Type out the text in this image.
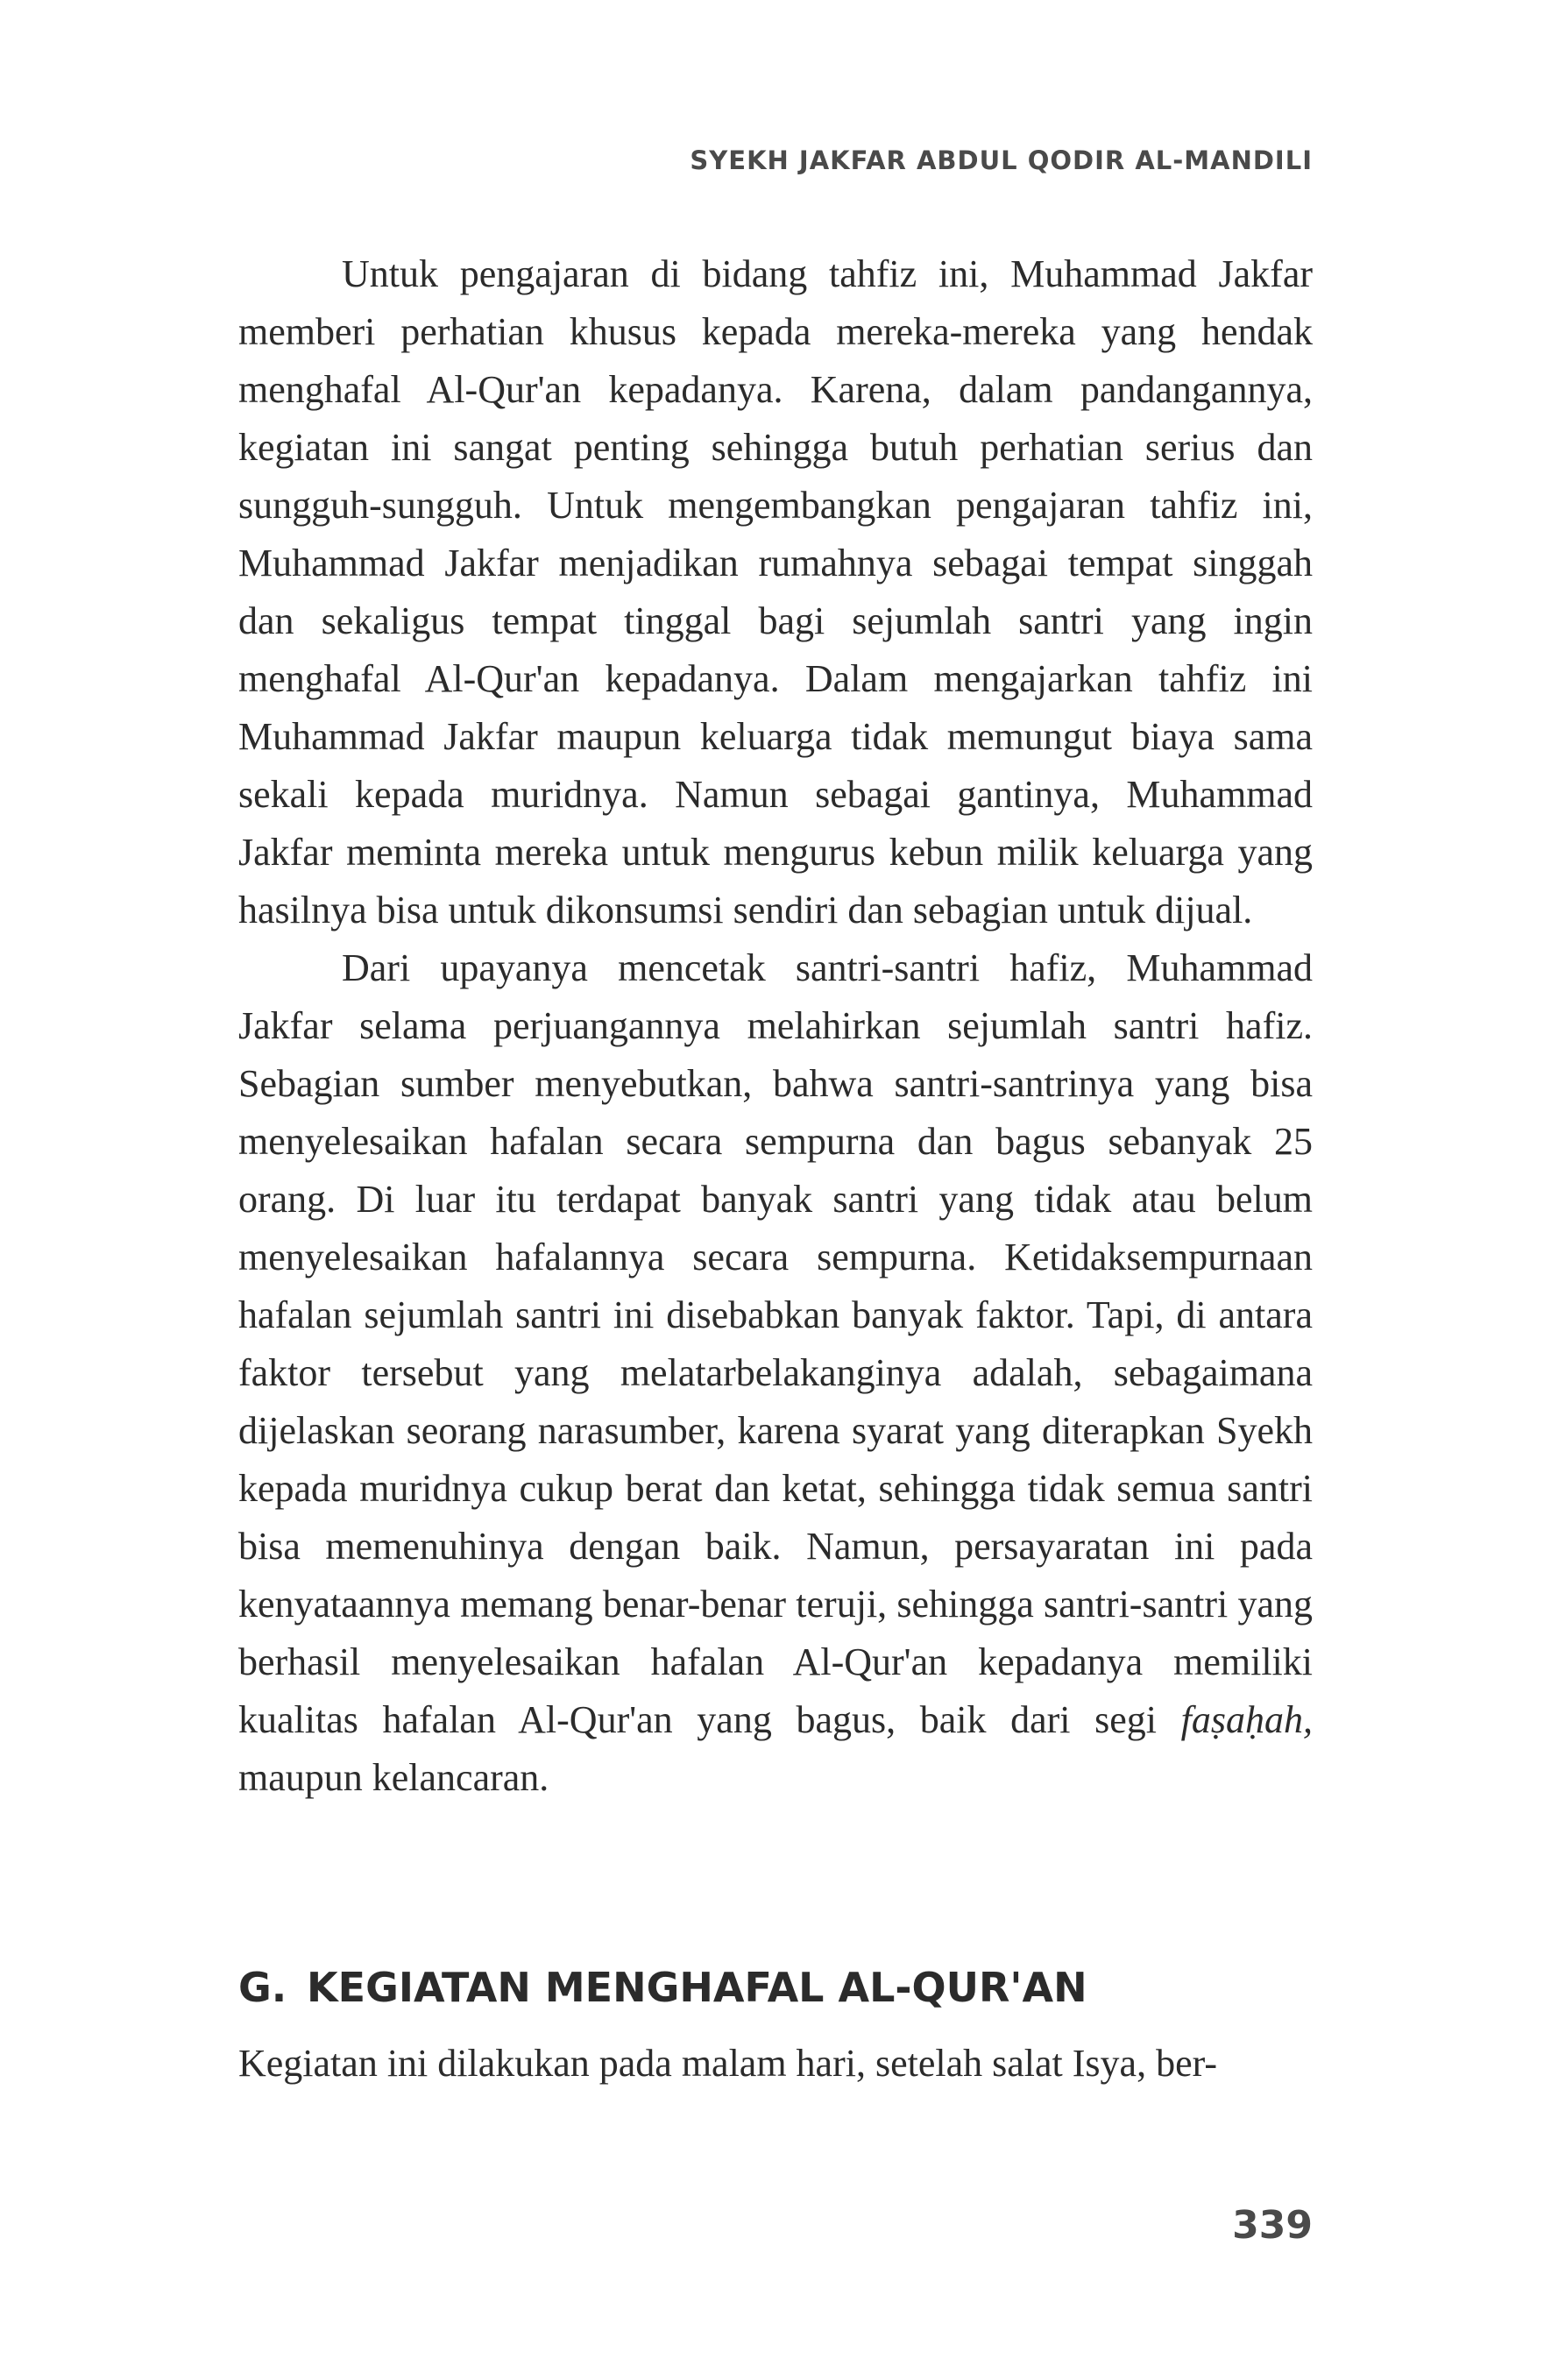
SYEKH JAKFAR ABDUL QODIR AL-MANDILI

Untuk pengajaran di bidang tahfiz ini, Muhammad Jakfar memberi perhatian khusus kepada mereka-mereka yang hendak menghafal Al-Qur'an kepadanya. Karena, dalam pandangannya, kegiatan ini sangat penting sehingga butuh perhatian serius dan sungguh-sungguh. Untuk mengembangkan pengajaran tahfiz ini, Muhammad Jakfar menjadikan rumahnya sebagai tempat singgah dan sekaligus tempat tinggal bagi sejumlah santri yang ingin menghafal Al-Qur'an kepadanya. Dalam mengajarkan tahfiz ini Muhammad Jakfar maupun keluarga tidak memungut biaya sama sekali kepada muridnya. Namun sebagai gantinya, Muhammad Jakfar meminta mereka untuk mengurus kebun milik keluarga yang hasilnya bisa untuk dikonsumsi sendiri dan sebagian untuk dijual.

Dari upayanya mencetak santri-santri hafiz, Muhammad Jakfar selama perjuangannya melahirkan sejumlah santri hafiz. Sebagian sumber menyebutkan, bahwa santri-santrinya yang bisa menyelesaikan hafalan secara sempurna dan bagus sebanyak 25 orang. Di luar itu terdapat banyak santri yang tidak atau belum menyelesaikan hafalannya secara sempurna. Ketidaksempurnaan hafalan sejumlah santri ini disebabkan banyak faktor. Tapi, di antara faktor tersebut yang melatarbelakanginya adalah, sebagaimana dijelaskan seorang narasumber, karena syarat yang diterapkan Syekh kepada muridnya cukup berat dan ketat, sehingga tidak semua santri bisa memenuhinya dengan baik. Namun, persayaratan ini pada kenyataannya memang benar-benar teruji, sehingga santri-santri yang berhasil menyelesaikan hafalan Al-Qur'an kepadanya memiliki kualitas hafalan Al-Qur'an yang bagus, baik dari segi faṣaḥah, maupun kelancaran.

G. KEGIATAN MENGHAFAL AL-QUR'AN

Kegiatan ini dilakukan pada malam hari, setelah salat Isya, ber-

339
